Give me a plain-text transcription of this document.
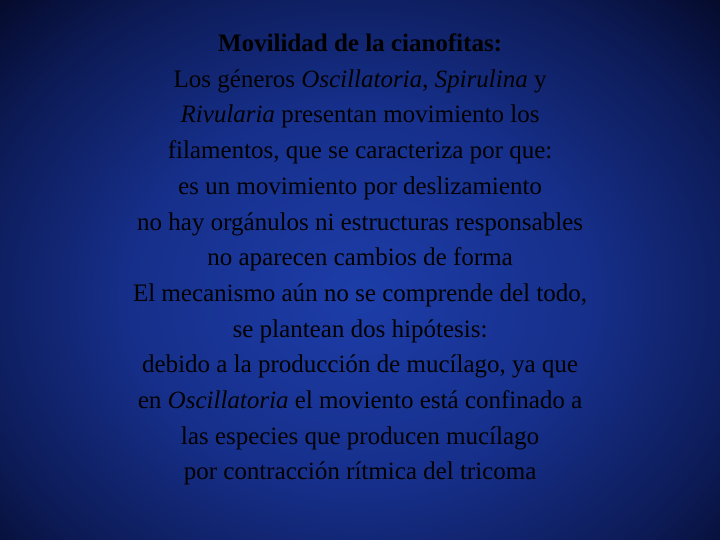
Movilidad de la cianofitas:
Los géneros Oscillatoria, Spirulina y
Rivularia presentan movimiento los
filamentos, que se caracteriza por que:
es un movimiento por deslizamiento
no hay orgánulos ni estructuras responsables
no aparecen cambios de forma
El mecanismo aún no se comprende del todo,
se plantean dos hipótesis:
debido a la producción de mucílago, ya que
en Oscillatoria el moviento está confinado a
las especies que producen mucílago
por contracción rítmica del tricoma
